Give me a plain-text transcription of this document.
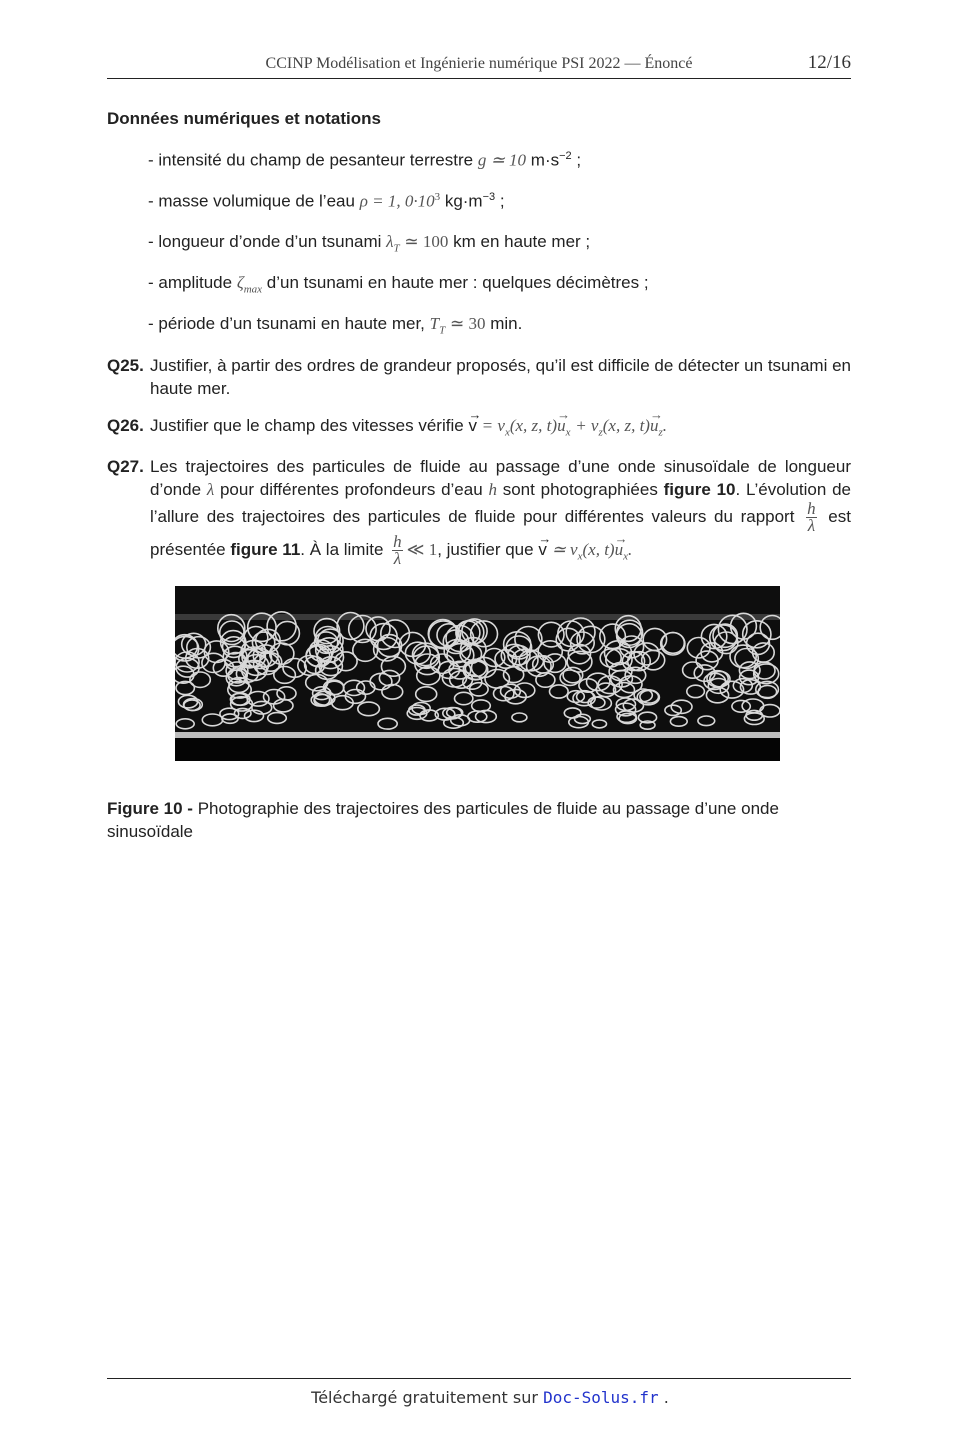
CCINP Modélisation et Ingénierie numérique PSI 2022 — Énoncé	12/16
Données numériques et notations
- intensité du champ de pesanteur terrestre g ≃ 10 $m\cdot s^{-2}$ ;
- masse volumique de l’eau ρ = 1, $0\cdot 10^3$ $kg\cdot m^{-3}$ ;
- longueur d’onde d’un tsunami $\lambda_T$ ≃ 100 km en haute mer ;
- amplitude $\zeta_{max}$ d’un tsunami en haute mer : quelques décimètres ;
- période d’un tsunami en haute mer, $T_T$ ≃ 30 min.
Q25. Justifier, à partir des ordres de grandeur proposés, qu’il est difficile de détecter un tsunami en haute mer.
Q26. Justifier que le champ des vitesses vérifie → $v = v_x(x$, z, $t)\to u_x + v_z(x$, z, $t)\to u_z$.
Q27. Les trajectoires des particules de fluide au passage d’une onde sinusoïdale de longueur d’onde λ pour différentes profondeurs d’eau h sont photographiées figure 10. L’évolution de l’allure des trajectoires des particules de fluide pour différentes valeurs du rapport $\frac{h}{\lambda}$ est présentée figure 11. À la limite $\frac{h}{\lambda}$ ≪ 1, justifier que → v ≃ $v_x(x$, $t)\to u_x$.
Figure 10 - Photographie des trajectoires des particules de fluide au passage d’une onde sinusoïdale
Téléchargé gratuitement sur Doc-Solus.fr .
